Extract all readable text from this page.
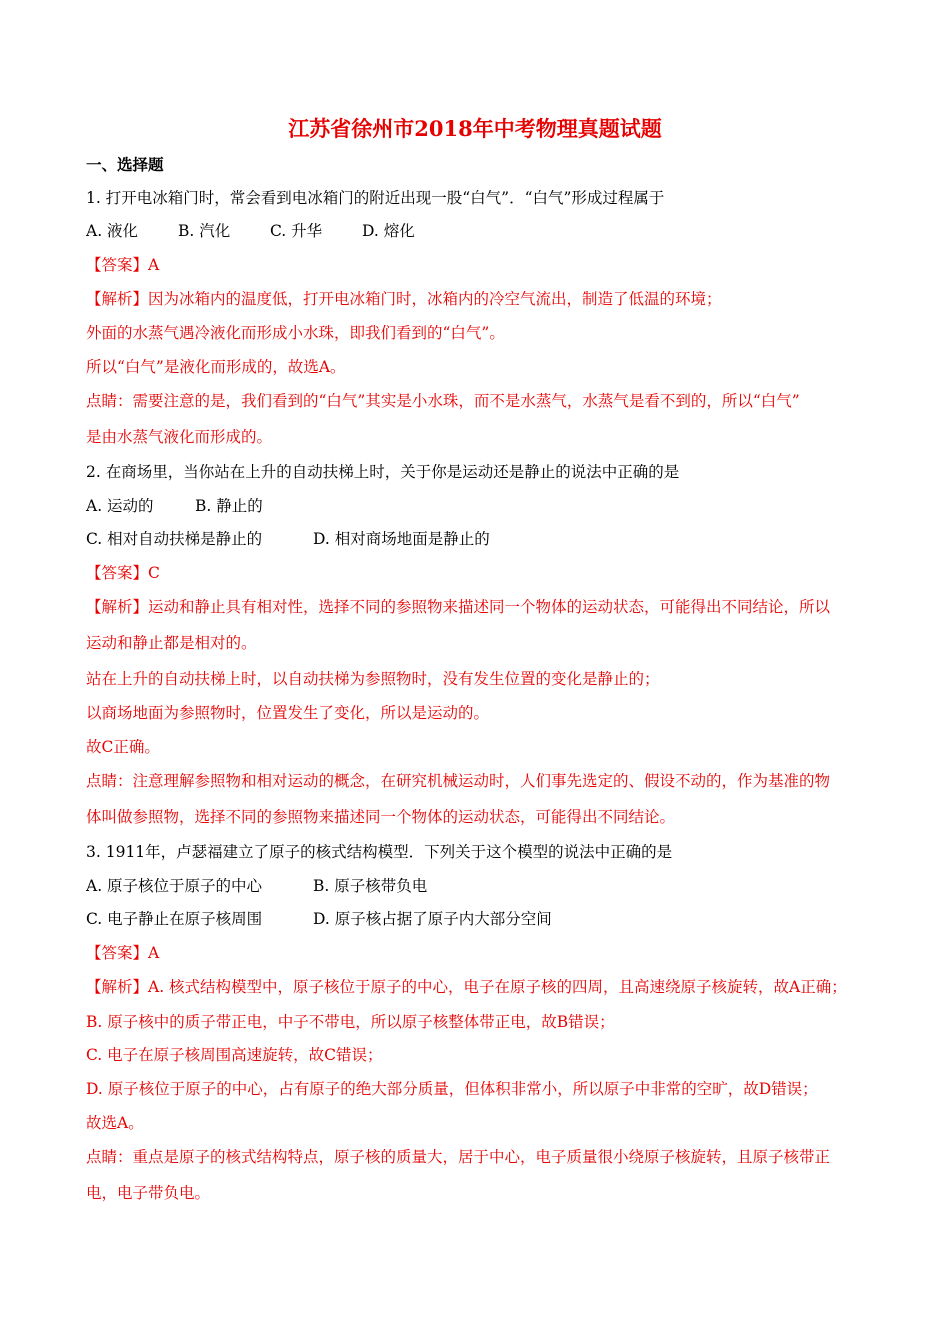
江苏省徐州市2018年中考物理真题试题
一、选择题
1. 打开电冰箱门时，常会看到电冰箱门的附近出现一股“白气”．“白气”形成过程属于
A. 液化	B. 汽化	C. 升华	D. 熔化
【答案】A
【解析】因为冰箱内的温度低，打开电冰箱门时，冰箱内的冷空气流出，制造了低温的环境；
外面的水蒸气遇冷液化而形成小水珠，即我们看到的“白气”。
所以“白气”是液化而形成的，故选A。
点睛：需要注意的是，我们看到的“白气”其实是小水珠，而不是水蒸气，水蒸气是看不到的，所以“白气”
是由水蒸气液化而形成的。
2. 在商场里，当你站在上升的自动扶梯上时，关于你是运动还是静止的说法中正确的是
A. 运动的	B. 静止的
C. 相对自动扶梯是静止的	D. 相对商场地面是静止的
【答案】C
【解析】运动和静止具有相对性，选择不同的参照物来描述同一个物体的运动状态，可能得出不同结论，所以
运动和静止都是相对的。
站在上升的自动扶梯上时，以自动扶梯为参照物时，没有发生位置的变化是静止的；
以商场地面为参照物时，位置发生了变化，所以是运动的。
故C正确。
点睛：注意理解参照物和相对运动的概念，在研究机械运动时，人们事先选定的、假设不动的，作为基准的物
体叫做参照物，选择不同的参照物来描述同一个物体的运动状态，可能得出不同结论。
3. 1911年，卢瑟福建立了原子的核式结构模型．下列关于这个模型的说法中正确的是
A. 原子核位于原子的中心	B. 原子核带负电
C. 电子静止在原子核周围	D. 原子核占据了原子内大部分空间
【答案】A
【解析】A. 核式结构模型中，原子核位于原子的中心，电子在原子核的四周，且高速绕原子核旋转，故A正确；
B. 原子核中的质子带正电，中子不带电，所以原子核整体带正电，故B错误；
C. 电子在原子核周围高速旋转，故C错误；
D. 原子核位于原子的中心，占有原子的绝大部分质量，但体积非常小，所以原子中非常的空旷，故D错误；
故选A。
点睛：重点是原子的核式结构特点，原子核的质量大，居于中心，电子质量很小绕原子核旋转，且原子核带正
电，电子带负电。
